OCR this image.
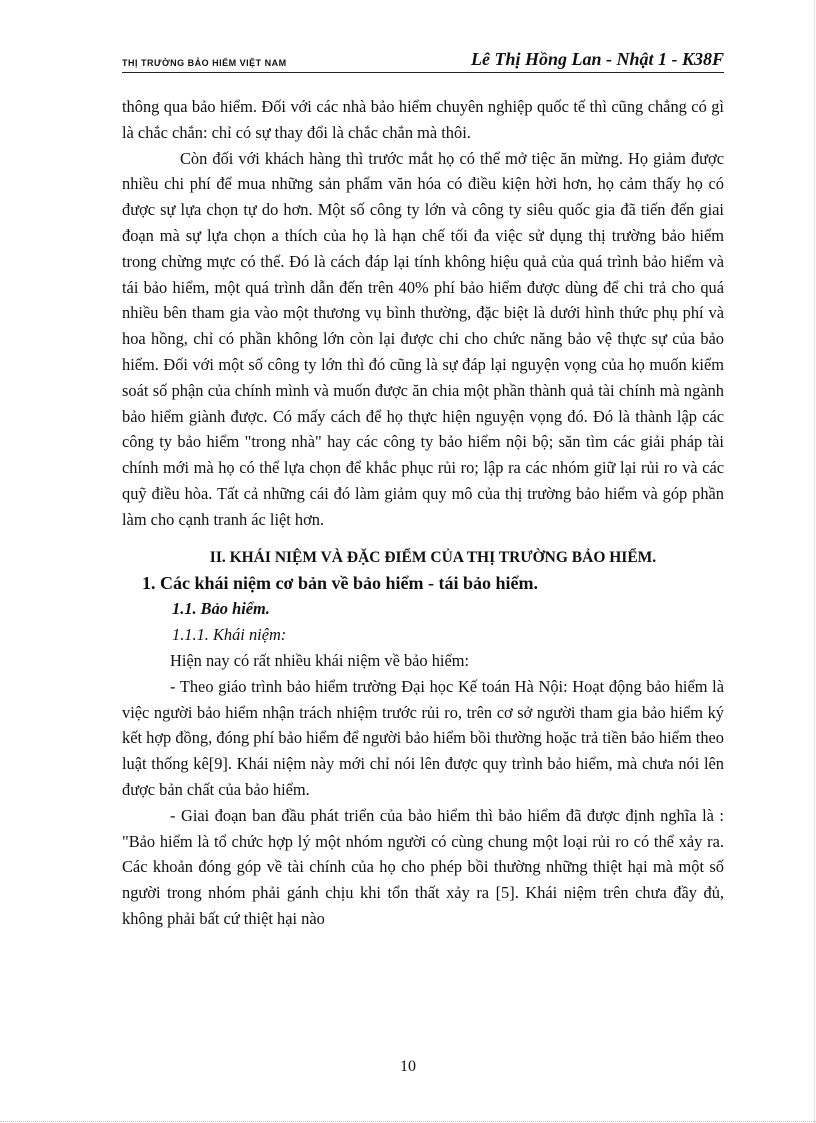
THỊ TRƯỜNG BẢO HIỂM VIỆT NAM	Lê Thị Hồng Lan - Nhật 1 - K38F

thông qua bảo hiểm. Đối với các nhà bảo hiểm chuyên nghiệp quốc tế thì cũng chẳng có gì là chắc chắn: chỉ có sự thay đổi là chắc chắn mà thôi.

Còn đối với khách hàng thì trước mắt họ có thể mở tiệc ăn mừng. Họ giảm được nhiều chi phí để mua những sản phẩm văn hóa có điều kiện hời hơn, họ cảm thấy họ có được sự lựa chọn tự do hơn. Một số công ty lớn và công ty siêu quốc gia đã tiến đến giai đoạn mà sự lựa chọn a thích của họ là hạn chế tối đa việc sử dụng thị trường bảo hiểm trong chừng mực có thể. Đó là cách đáp lại tính không hiệu quả của quá trình bảo hiểm và tái bảo hiểm, một quá trình dẫn đến trên 40% phí bảo hiểm được dùng để chi trả cho quá nhiều bên tham gia vào một thương vụ bình thường, đặc biệt là dưới hình thức phụ phí và hoa hồng, chỉ có phần không lớn còn lại được chi cho chức năng bảo vệ thực sự của bảo hiểm. Đối với một số công ty lớn thì đó cũng là sự đáp lại nguyện vọng của họ muốn kiểm soát số phận của chính mình và muốn được ăn chia một phần thành quả tài chính mà ngành bảo hiểm giành được. Có mấy cách để họ thực hiện nguyện vọng đó. Đó là thành lập các công ty bảo hiểm "trong nhà" hay các công ty bảo hiểm nội bộ; săn tìm các giải pháp tài chính mới mà họ có thể lựa chọn để khắc phục rủi ro; lập ra các nhóm giữ lại rủi ro và các quỹ điều hòa. Tất cả những cái đó làm giảm quy mô của thị trường bảo hiểm và góp phần làm cho cạnh tranh ác liệt hơn.

II. KHÁI NIỆM VÀ ĐẶC ĐIỂM CỦA THỊ TRƯỜNG BẢO HIỂM.

1. Các khái niệm cơ bản về bảo hiểm - tái bảo hiểm.

1.1. Bảo hiểm.

1.1.1. Khái niệm:

Hiện nay có rất nhiều khái niệm về bảo hiểm:

- Theo giáo trình bảo hiểm trường Đại học Kế toán Hà Nội: Hoạt động bảo hiểm là việc người bảo hiểm nhận trách nhiệm trước rủi ro, trên cơ sở người tham gia bảo hiểm ký kết hợp đồng, đóng phí bảo hiểm để người bảo hiểm bồi thường hoặc trả tiền bảo hiểm theo luật thống kê[9]. Khái niệm này mới chỉ nói lên được quy trình bảo hiểm, mà chưa nói lên được bản chất của bảo hiểm.

- Giai đoạn ban đầu phát triển của bảo hiểm thì bảo hiểm đã được định nghĩa là : "Bảo hiểm là tổ chức hợp lý một nhóm người có cùng chung một loại rủi ro có thể xảy ra. Các khoản đóng góp về tài chính của họ cho phép bồi thường những thiệt hại mà một số người trong nhóm phải gánh chịu khi tổn thất xảy ra [5]. Khái niệm trên chưa đầy đủ, không phải bất cứ thiệt hại nào

10
